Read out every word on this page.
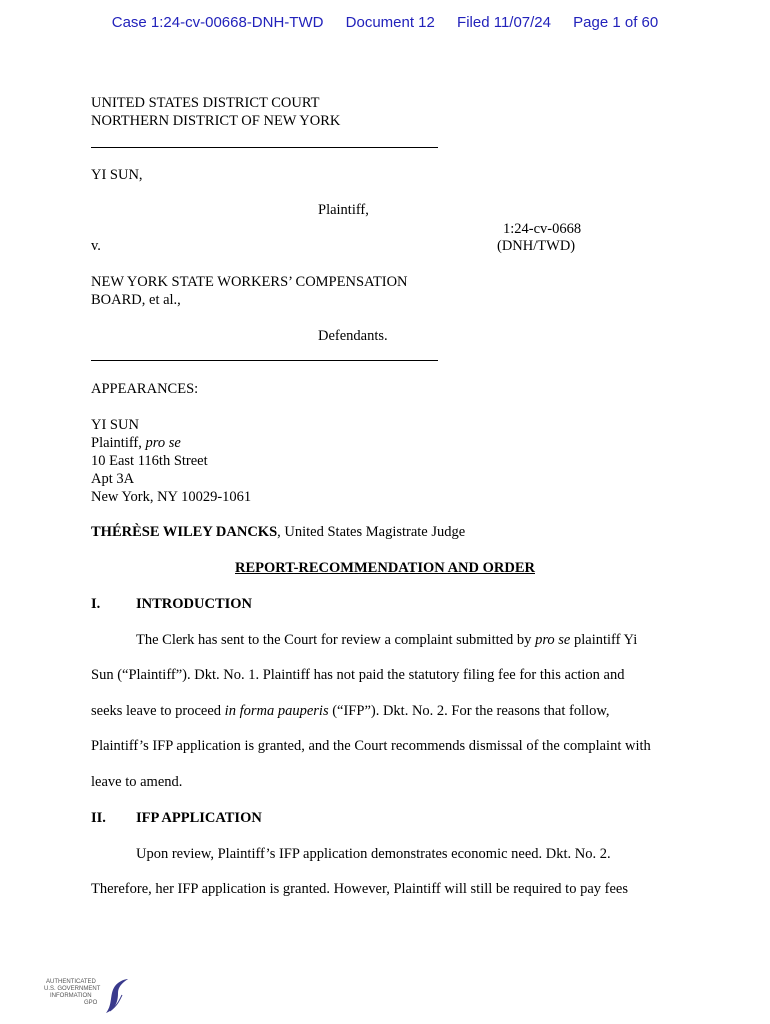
Case 1:24-cv-00668-DNH-TWD Document 12 Filed 11/07/24 Page 1 of 60
UNITED STATES DISTRICT COURT
NORTHERN DISTRICT OF NEW YORK
YI SUN,
Plaintiff,
v.
1:24-cv-0668
(DNH/TWD)
NEW YORK STATE WORKERS’ COMPENSATION
BOARD, et al.,
Defendants.
APPEARANCES:
YI SUN
Plaintiff, pro se
10 East 116th Street
Apt 3A
New York, NY 10029-1061
THÉRÈSE WILEY DANCKS, United States Magistrate Judge
REPORT-RECOMMENDATION AND ORDER
I. INTRODUCTION
The Clerk has sent to the Court for review a complaint submitted by pro se plaintiff Yi
Sun (“Plaintiff”). Dkt. No. 1. Plaintiff has not paid the statutory filing fee for this action and
seeks leave to proceed in forma pauperis (“IFP”). Dkt. No. 2. For the reasons that follow,
Plaintiff’s IFP application is granted, and the Court recommends dismissal of the complaint with
leave to amend.
II. IFP APPLICATION
Upon review, Plaintiff’s IFP application demonstrates economic need. Dkt. No. 2.
Therefore, her IFP application is granted. However, Plaintiff will still be required to pay fees
AUTHENTICATED
U.S. GOVERNMENT
INFORMATION
GPO
